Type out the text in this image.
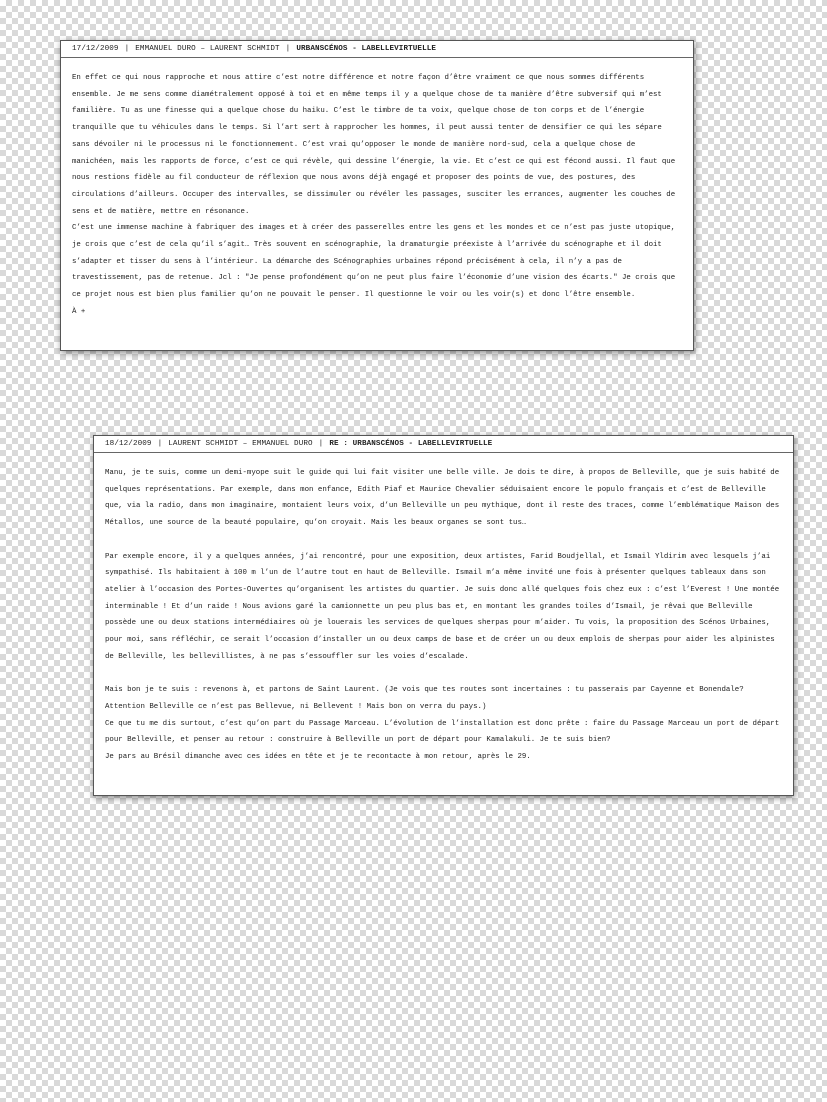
17/12/2009 | EMMANUEL DURO
–
LAURENT SCHMIDT | URBANSCÉNOS - LABELLEVIRTUELLE

En effet ce qui nous rapproche et nous attire c’est notre différence et notre façon d’être vraiment ce que nous sommes différents ensemble. Je me sens comme diamétralement opposé à toi et en même temps il y a quelque chose de ta manière d’être subversif qui m’est familière. Tu as une finesse qui a quelque chose du haiku. C’est le timbre de ta voix, quelque chose de ton corps et de l’énergie tranquille que tu véhicules dans le temps. Si l’art sert à rapprocher les hommes, il peut aussi tenter de densifier ce qui les sépare sans dévoiler ni le processus ni le fonctionnement. C’est vrai qu’opposer le monde de manière nord-sud, cela a quelque chose de manichéen, mais les rapports de force, c’est ce qui révèle, qui dessine l’énergie, la vie. Et c’est ce qui est fécond aussi. Il faut que nous restions fidèle au fil conducteur de réflexion que nous avons déjà engagé et proposer des points de vue, des postures, des circulations d’ailleurs. Occuper des intervalles, se dissimuler ou révéler les passages, susciter les errances, augmenter les couches de sens et de matière, mettre en résonance.

C’est une immense machine à fabriquer des images et à créer des passerelles entre les gens et les mondes et ce n’est pas juste utopique, je crois que c’est de cela qu’il s’agit… Très souvent en scénographie, la dramaturgie préexiste à l’arrivée du scénographe et il doit s’adapter et tisser du sens à l’intérieur. La démarche des Scénographies urbaines répond précisément à cela, il n’y a pas de travestissement, pas de retenue. Jcl : "Je pense profondément qu’on ne peut plus faire l’économie d’une vision des écarts." Je crois que ce projet nous est bien plus familier qu’on ne pouvait le penser. Il questionne le voir ou les voir(s) et donc l’être ensemble.

À +

18/12/2009 | LAURENT SCHMIDT
–
EMMANUEL DURO | RE : URBANSCÉNOS - LABELLEVIRTUELLE

Manu, je te suis, comme un demi-myope suit le guide qui lui fait visiter une belle ville. Je dois te dire, à propos de Belleville, que je suis habité de quelques représentations. Par exemple, dans mon enfance, Edith Piaf et Maurice Chevalier séduisaient encore le populo français et c’est de Belleville que, via la radio, dans mon imaginaire, montaient leurs voix, d’un Belleville un peu mythique, dont il reste des traces, comme l’emblématique Maison des Métallos, une source de la beauté populaire, qu’on croyait. Mais les beaux organes se sont tus…

Par exemple encore, il y a quelques années, j’ai rencontré, pour une exposition, deux artistes, Farid Boudjellal, et Ismail Yldirim avec lesquels j’ai sympathisé. Ils habitaient à 100 m l’un de l’autre tout en haut de Belleville. Ismail m’a même invité une fois à présenter quelques tableaux dans son atelier à l’occasion des Portes-Ouvertes qu’organisent les artistes du quartier. Je suis donc allé quelques fois chez eux : c’est l’Everest ! Une montée interminable ! Et d’un raide ! Nous avions garé la camionnette un peu plus bas et, en montant les grandes toiles d’Ismail, je rêvai que Belleville possède une ou deux stations intermédiaires où je louerais les services de quelques sherpas pour m’aider. Tu vois, la proposition des Scénos Urbaines, pour moi, sans réfléchir, ce serait l’occasion d’installer un ou deux camps de base et de créer un ou deux emplois de sherpas pour aider les alpinistes de Belleville, les bellevillistes, à ne pas s’essouffler sur les voies d’escalade.

Mais bon je te suis : revenons à, et partons de Saint Laurent. (Je vois que tes routes sont incertaines : tu passerais par Cayenne et Bonendale? Attention Belleville ce n’est pas Bellevue, ni Bellevent ! Mais bon on verra du pays.)

Ce que tu me dis surtout, c’est qu’on part du Passage Marceau. L’évolution de l’installation est donc prête : faire du Passage Marceau un port de départ pour Belleville, et penser au retour : construire à Belleville un port de départ pour Kamalakuli. Je te suis bien?

Je pars au Brésil dimanche avec ces idées en tête et je te recontacte à mon retour, après le 29.
